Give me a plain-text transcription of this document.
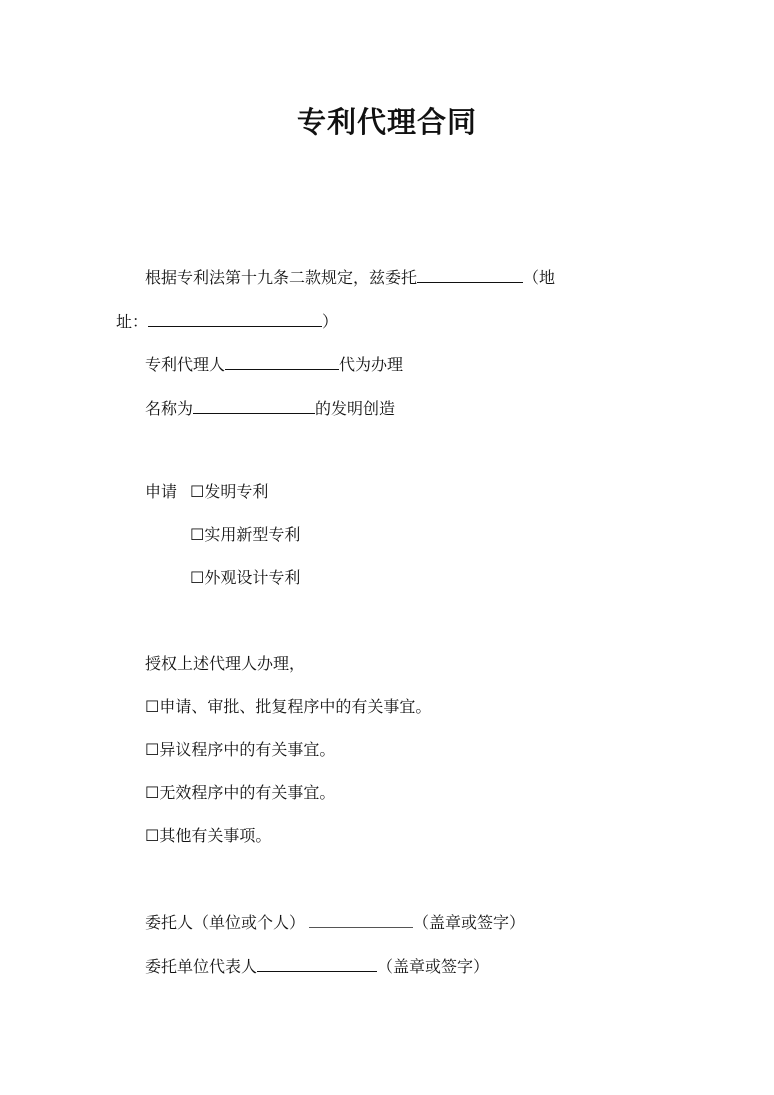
专利代理合同
根据专利法第十九条二款规定，兹委托	（地
址：	）
专利代理人	代为办理
名称为	的发明创造
申请 ☐发明专利
☐实用新型专利
☐外观设计专利
授权上述代理人办理，
☐申请、审批、批复程序中的有关事宜。
☐异议程序中的有关事宜。
☐无效程序中的有关事宜。
☐其他有关事项。
委托人（单位或个人）	（盖章或签字）
委托单位代表人	（盖章或签字）
